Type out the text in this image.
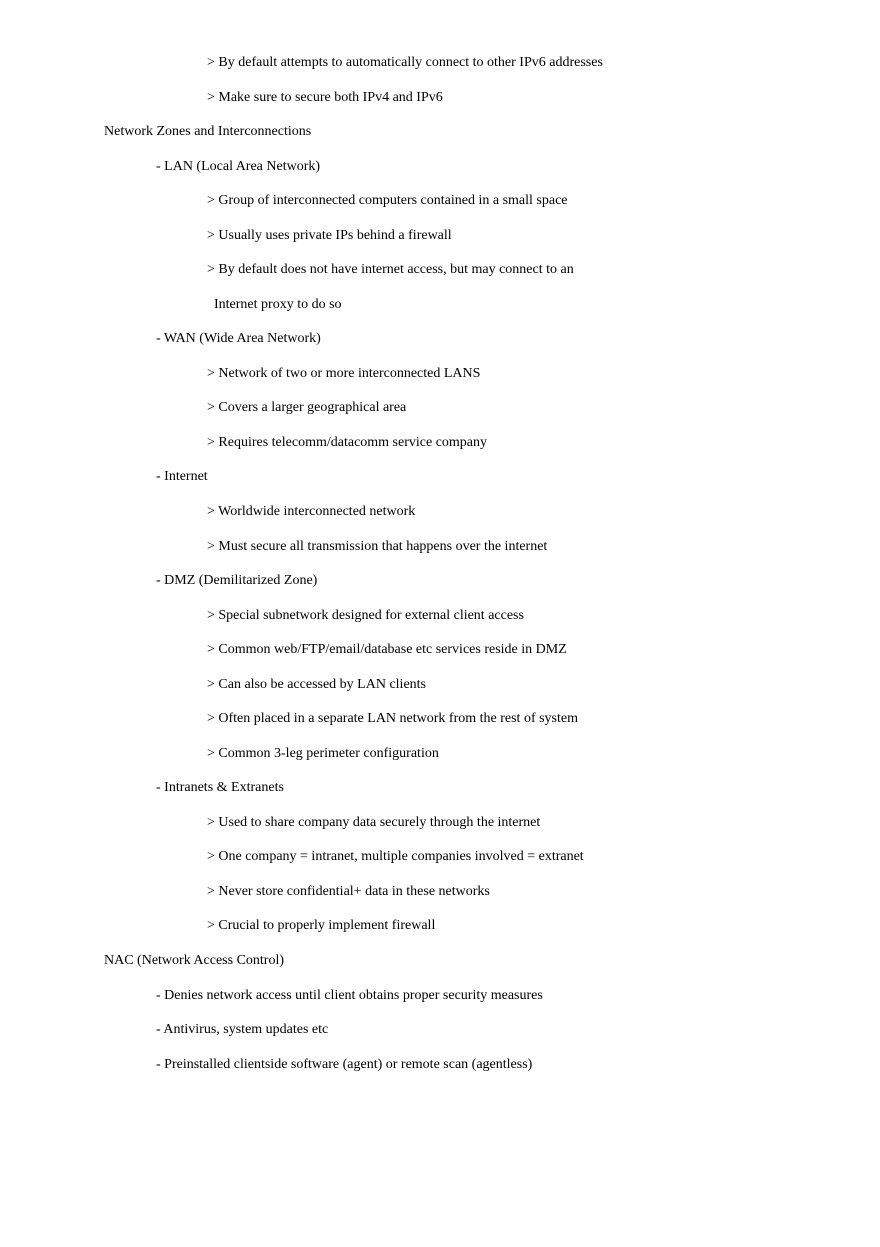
> By default attempts to automatically connect to other IPv6 addresses
> Make sure to secure both IPv4 and IPv6
Network Zones and Interconnections
- LAN (Local Area Network)
> Group of interconnected computers contained in a small space
> Usually uses private IPs behind a firewall
> By default does not have internet access, but may connect to an
Internet proxy to do so
- WAN (Wide Area Network)
> Network of two or more interconnected LANS
> Covers a larger geographical area
> Requires telecomm/datacomm service company
- Internet
> Worldwide interconnected network
> Must secure all transmission that happens over the internet
- DMZ (Demilitarized Zone)
> Special subnetwork designed for external client access
> Common web/FTP/email/database etc services reside in DMZ
> Can also be accessed by LAN clients
> Often placed in a separate LAN network from the rest of system
> Common 3-leg perimeter configuration
- Intranets & Extranets
> Used to share company data securely through the internet
> One company = intranet, multiple companies involved = extranet
> Never store confidential+ data in these networks
> Crucial to properly implement firewall
NAC (Network Access Control)
- Denies network access until client obtains proper security measures
- Antivirus, system updates etc
- Preinstalled clientside software (agent) or remote scan (agentless)
